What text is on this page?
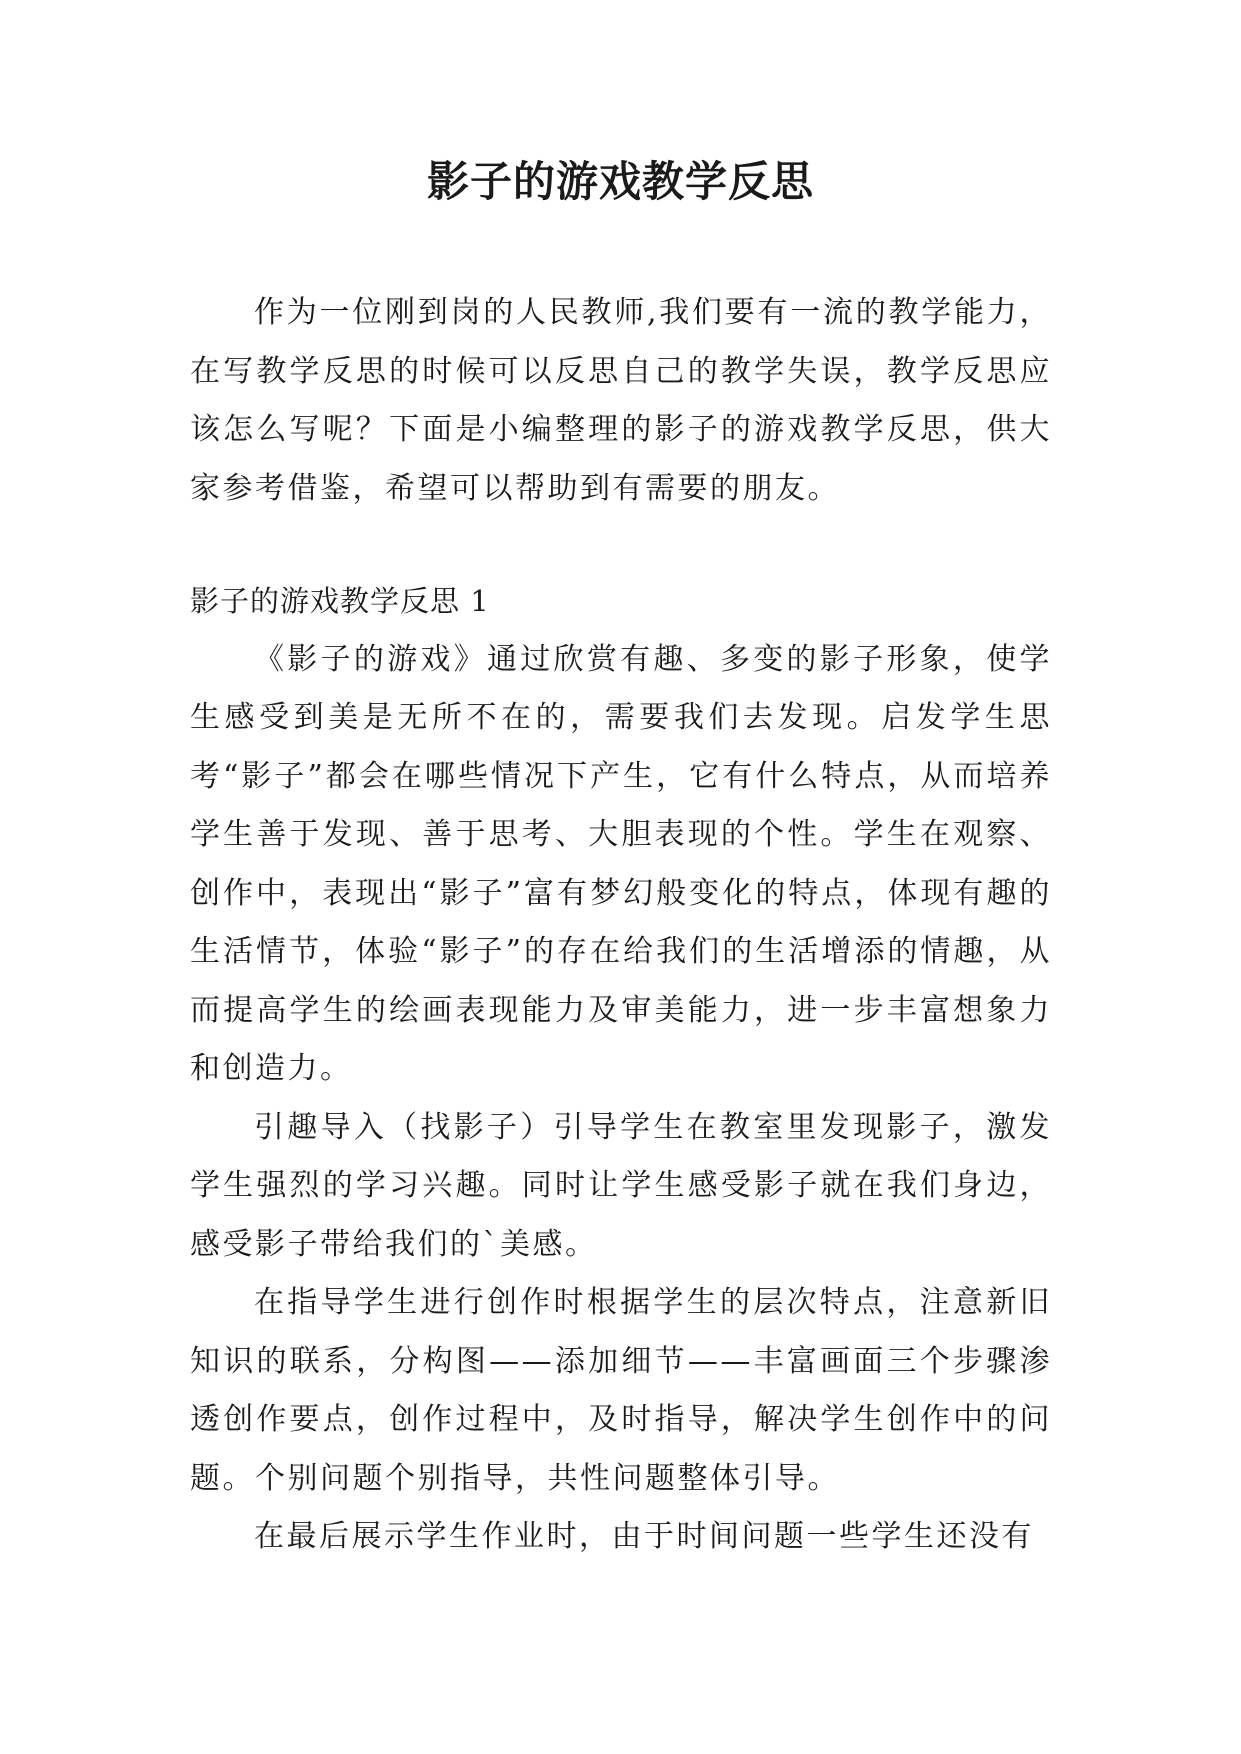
影子的游戏教学反思

作为一位刚到岗的人民教师,我们要有一流的教学能力，在写教学反思的时候可以反思自己的教学失误，教学反思应该怎么写呢？下面是小编整理的影子的游戏教学反思，供大家参考借鉴，希望可以帮助到有需要的朋友。

影子的游戏教学反思 1

《影子的游戏》通过欣赏有趣、多变的影子形象，使学生感受到美是无所不在的，需要我们去发现。启发学生思考“影子”都会在哪些情况下产生，它有什么特点，从而培养学生善于发现、善于思考、大胆表现的个性。学生在观察、创作中，表现出“影子”富有梦幻般变化的特点，体现有趣的生活情节，体验“影子”的存在给我们的生活增添的情趣，从而提高学生的绘画表现能力及审美能力，进一步丰富想象力和创造力。

引趣导入（找影子）引导学生在教室里发现影子，激发学生强烈的学习兴趣。同时让学生感受影子就在我们身边，感受影子带给我们的`美感。

在指导学生进行创作时根据学生的层次特点，注意新旧知识的联系，分构图——添加细节——丰富画面三个步骤渗透创作要点，创作过程中，及时指导，解决学生创作中的问题。个别问题个别指导，共性问题整体引导。

在最后展示学生作业时，由于时间问题一些学生还没有
